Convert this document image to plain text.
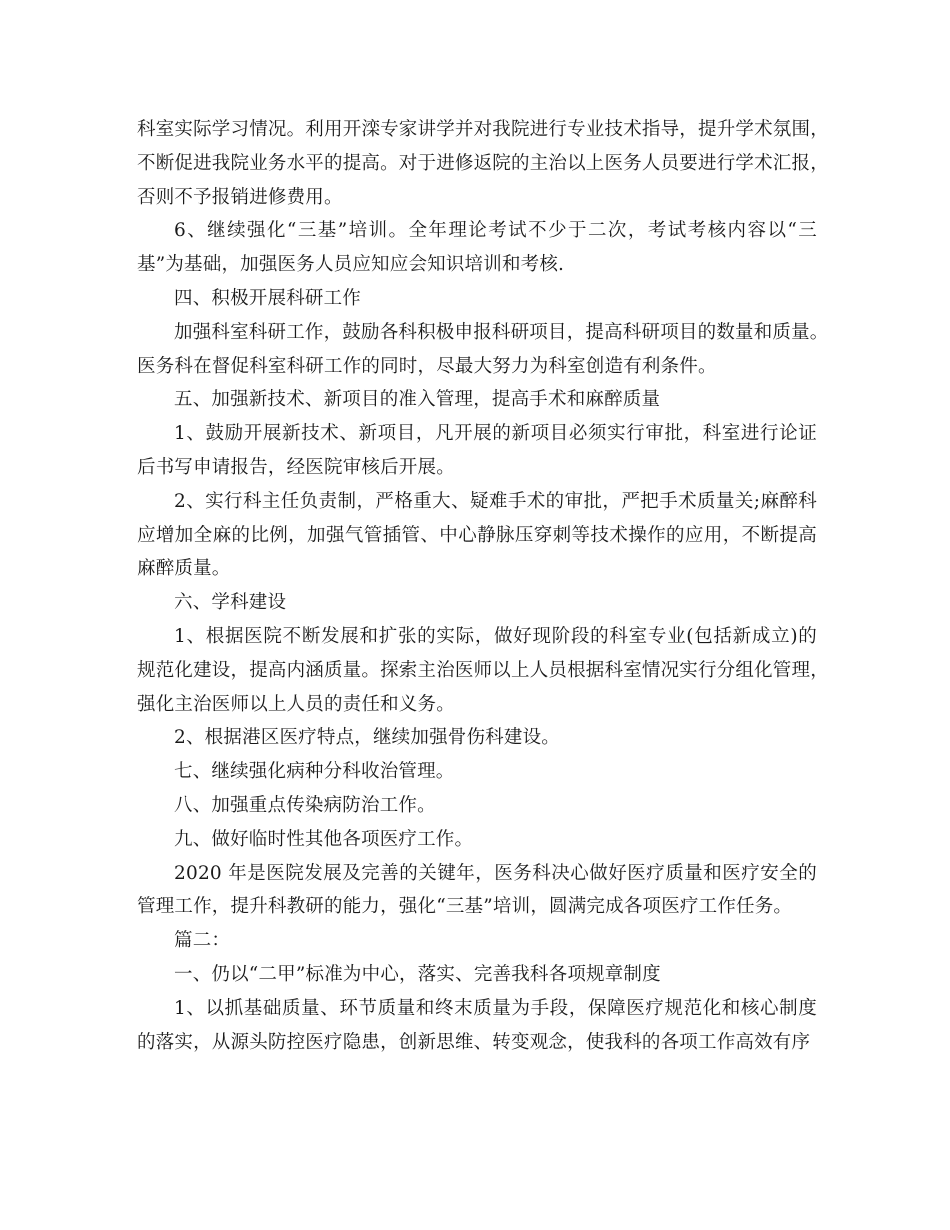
科室实际学习情况。利用开滦专家讲学并对我院进行专业技术指导，提升学术氛围，
不断促进我院业务水平的提高。对于进修返院的主治以上医务人员要进行学术汇报，
否则不予报销进修费用。

6、继续强化“三基”培训。全年理论考试不少于二次，考试考核内容以“三
基”为基础，加强医务人员应知应会知识培训和考核.

四、积极开展科研工作

加强科室科研工作，鼓励各科积极申报科研项目，提高科研项目的数量和质量。
医务科在督促科室科研工作的同时，尽最大努力为科室创造有利条件。

五、加强新技术、新项目的准入管理，提高手术和麻醉质量

1、鼓励开展新技术、新项目，凡开展的新项目必须实行审批，科室进行论证
后书写申请报告，经医院审核后开展。

2、实行科主任负责制，严格重大、疑难手术的审批，严把手术质量关;麻醉科
应增加全麻的比例，加强气管插管、中心静脉压穿刺等技术操作的应用，不断提高
麻醉质量。

六、学科建设

1、根据医院不断发展和扩张的实际，做好现阶段的科室专业(包括新成立)的
规范化建设，提高内涵质量。探索主治医师以上人员根据科室情况实行分组化管理，
强化主治医师以上人员的责任和义务。

2、根据港区医疗特点，继续加强骨伤科建设。

七、继续强化病种分科收治管理。

八、加强重点传染病防治工作。

九、做好临时性其他各项医疗工作。

2020 年是医院发展及完善的关键年，医务科决心做好医疗质量和医疗安全的
管理工作，提升科教研的能力，强化“三基”培训，圆满完成各项医疗工作任务。

篇二：

一、仍以“二甲”标准为中心，落实、完善我科各项规章制度

1、以抓基础质量、环节质量和终末质量为手段，保障医疗规范化和核心制度
的落实，从源头防控医疗隐患，创新思维、转变观念，使我科的各项工作高效有序
